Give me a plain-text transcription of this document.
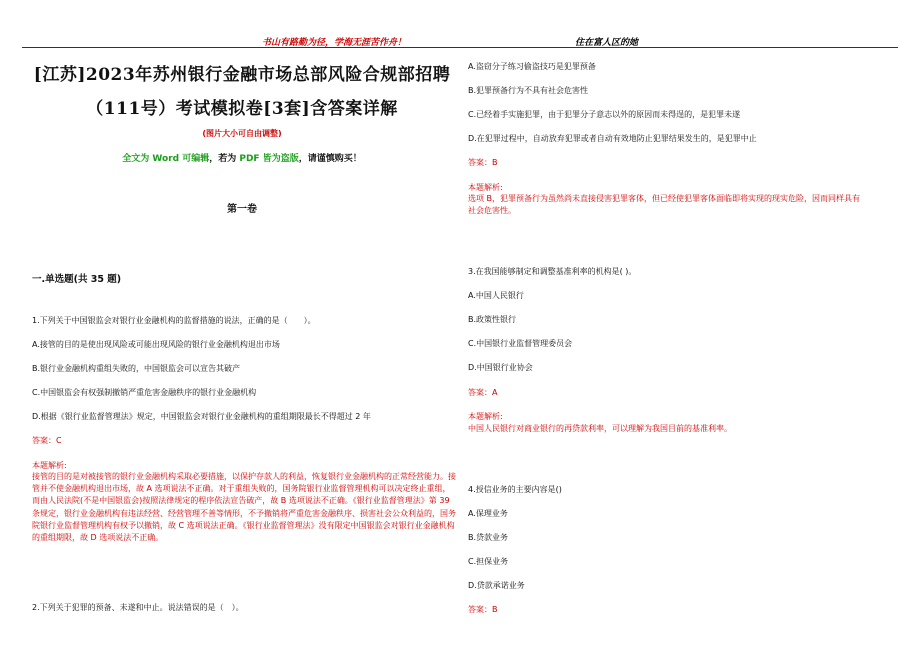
书山有路勤为径，学海无涯苦作舟！	住在富人区的她
[江苏]2023年苏州银行金融市场总部风险合规部招聘
（111号）考试模拟卷[3套]含答案详解
(图片大小可自由调整)
全文为 Word 可编辑，若为 PDF 皆为盗版，请谨慎购买！
第一卷
一.单选题(共 35 题)
1.下列关于中国银监会对银行业金融机构的监督措施的说法，正确的是（　　）。
A.接管的目的是使出现风险或可能出现风险的银行业金融机构退出市场
B.银行业金融机构重组失败的，中国银监会可以宣告其破产
C.中国银监会有权强制撤销严重危害金融秩序的银行业金融机构
D.根据《银行业监督管理法》规定，中国银监会对银行业金融机构的重组期限最长不得超过 2 年
答案：C
本题解析:
接管的目的是对被接管的银行业金融机构采取必要措施，以保护存款人的利益，恢复银行业金融机构的正常经营能力。接管并不使金融机构退出市场，故 A 选项说法不正确。对于重组失败的，国务院银行业监督管理机构可以决定终止重组，而由人民法院(不是中国银监会)按照法律规定的程序依法宣告破产，故 B 选项说法不正确。《银行业监督管理法》第 39 条规定，银行业金融机构有违法经营、经营管理不善等情形，不予撤销将严重危害金融秩序、损害社会公众利益的，国务院银行业监督管理机构有权予以撤销，故 C 选项说法正确。《银行业监督管理法》没有限定中国银监会对银行业金融机构的重组期限，故 D 选项说法不正确。
2.下列关于犯罪的预备、未遂和中止。说法错误的是（　）。
A.盗窃分子练习偷盗技巧是犯罪预备
B.犯罪预备行为不具有社会危害性
C.已经着手实施犯罪，由于犯罪分子意志以外的原因而未得逞的，是犯罪未遂
D.在犯罪过程中，自动放弃犯罪或者自动有效地防止犯罪结果发生的，是犯罪中止
答案：B
本题解析:
选项 B，犯罪预备行为虽然尚未直接侵害犯罪客体，但已经使犯罪客体面临即将实现的现实危险，因而同样具有社会危害性。
3.在我国能够制定和调整基准利率的机构是( )。
A.中国人民银行
B.政策性银行
C.中国银行业监督管理委员会
D.中国银行业协会
答案：A
本题解析:
中国人民银行对商业银行的再贷款利率，可以理解为我国目前的基准利率。
4.授信业务的主要内容是()
A.保理业务
B.贷款业务
C.担保业务
D.贷款承诺业务
答案：B
